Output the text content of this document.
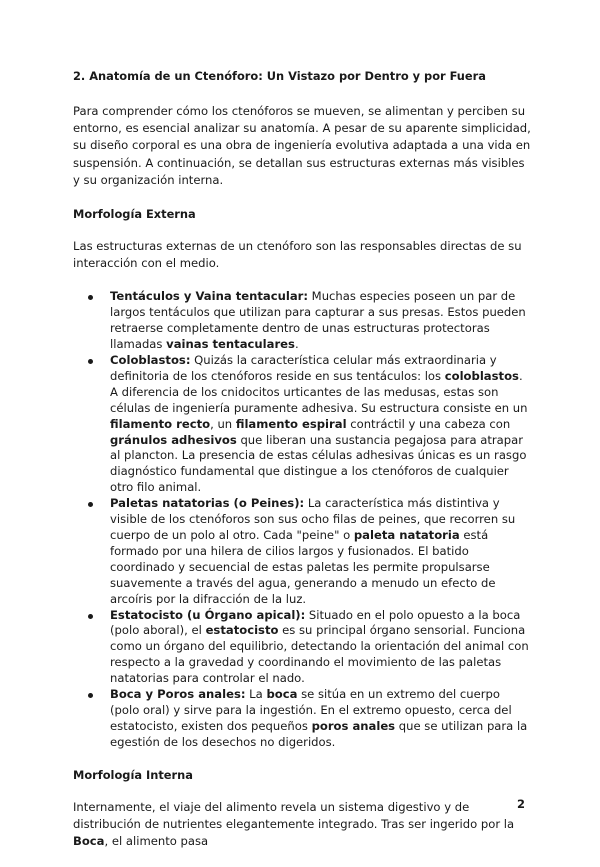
2. Anatomía de un Ctenóforo: Un Vistazo por Dentro y por Fuera

Para comprender cómo los ctenóforos se mueven, se alimentan y perciben su entorno, es esencial analizar su anatomía. A pesar de su aparente simplicidad, su diseño corporal es una obra de ingeniería evolutiva adaptada a una vida en suspensión. A continuación, se detallan sus estructuras externas más visibles y su organización interna.

Morfología Externa

Las estructuras externas de un ctenóforo son las responsables directas de su interacción con el medio.

Tentáculos y Vaina tentacular: Muchas especies poseen un par de largos tentáculos que utilizan para capturar a sus presas. Estos pueden retraerse completamente dentro de unas estructuras protectoras llamadas vainas tentaculares.
Coloblastos: Quizás la característica celular más extraordinaria y definitoria de los ctenóforos reside en sus tentáculos: los coloblastos. A diferencia de los cnidocitos urticantes de las medusas, estas son células de ingeniería puramente adhesiva. Su estructura consiste en un filamento recto, un filamento espiral contráctil y una cabeza con gránulos adhesivos que liberan una sustancia pegajosa para atrapar al plancton. La presencia de estas células adhesivas únicas es un rasgo diagnóstico fundamental que distingue a los ctenóforos de cualquier otro filo animal.
Paletas natatorias (o Peines): La característica más distintiva y visible de los ctenóforos son sus ocho filas de peines, que recorren su cuerpo de un polo al otro. Cada "peine" o paleta natatoria está formado por una hilera de cilios largos y fusionados. El batido coordinado y secuencial de estas paletas les permite propulsarse suavemente a través del agua, generando a menudo un efecto de arcoíris por la difracción de la luz.
Estatocisto (u Órgano apical): Situado en el polo opuesto a la boca (polo aboral), el estatocisto es su principal órgano sensorial. Funciona como un órgano del equilibrio, detectando la orientación del animal con respecto a la gravedad y coordinando el movimiento de las paletas natatorias para controlar el nado.
Boca y Poros anales: La boca se sitúa en un extremo del cuerpo (polo oral) y sirve para la ingestión. En el extremo opuesto, cerca del estatocisto, existen dos pequeños poros anales que se utilizan para la egestión de los desechos no digeridos.
Morfología Interna

Internamente, el viaje del alimento revela un sistema digestivo y de distribución de nutrientes elegantemente integrado. Tras ser ingerido por la Boca, el alimento pasa

2
